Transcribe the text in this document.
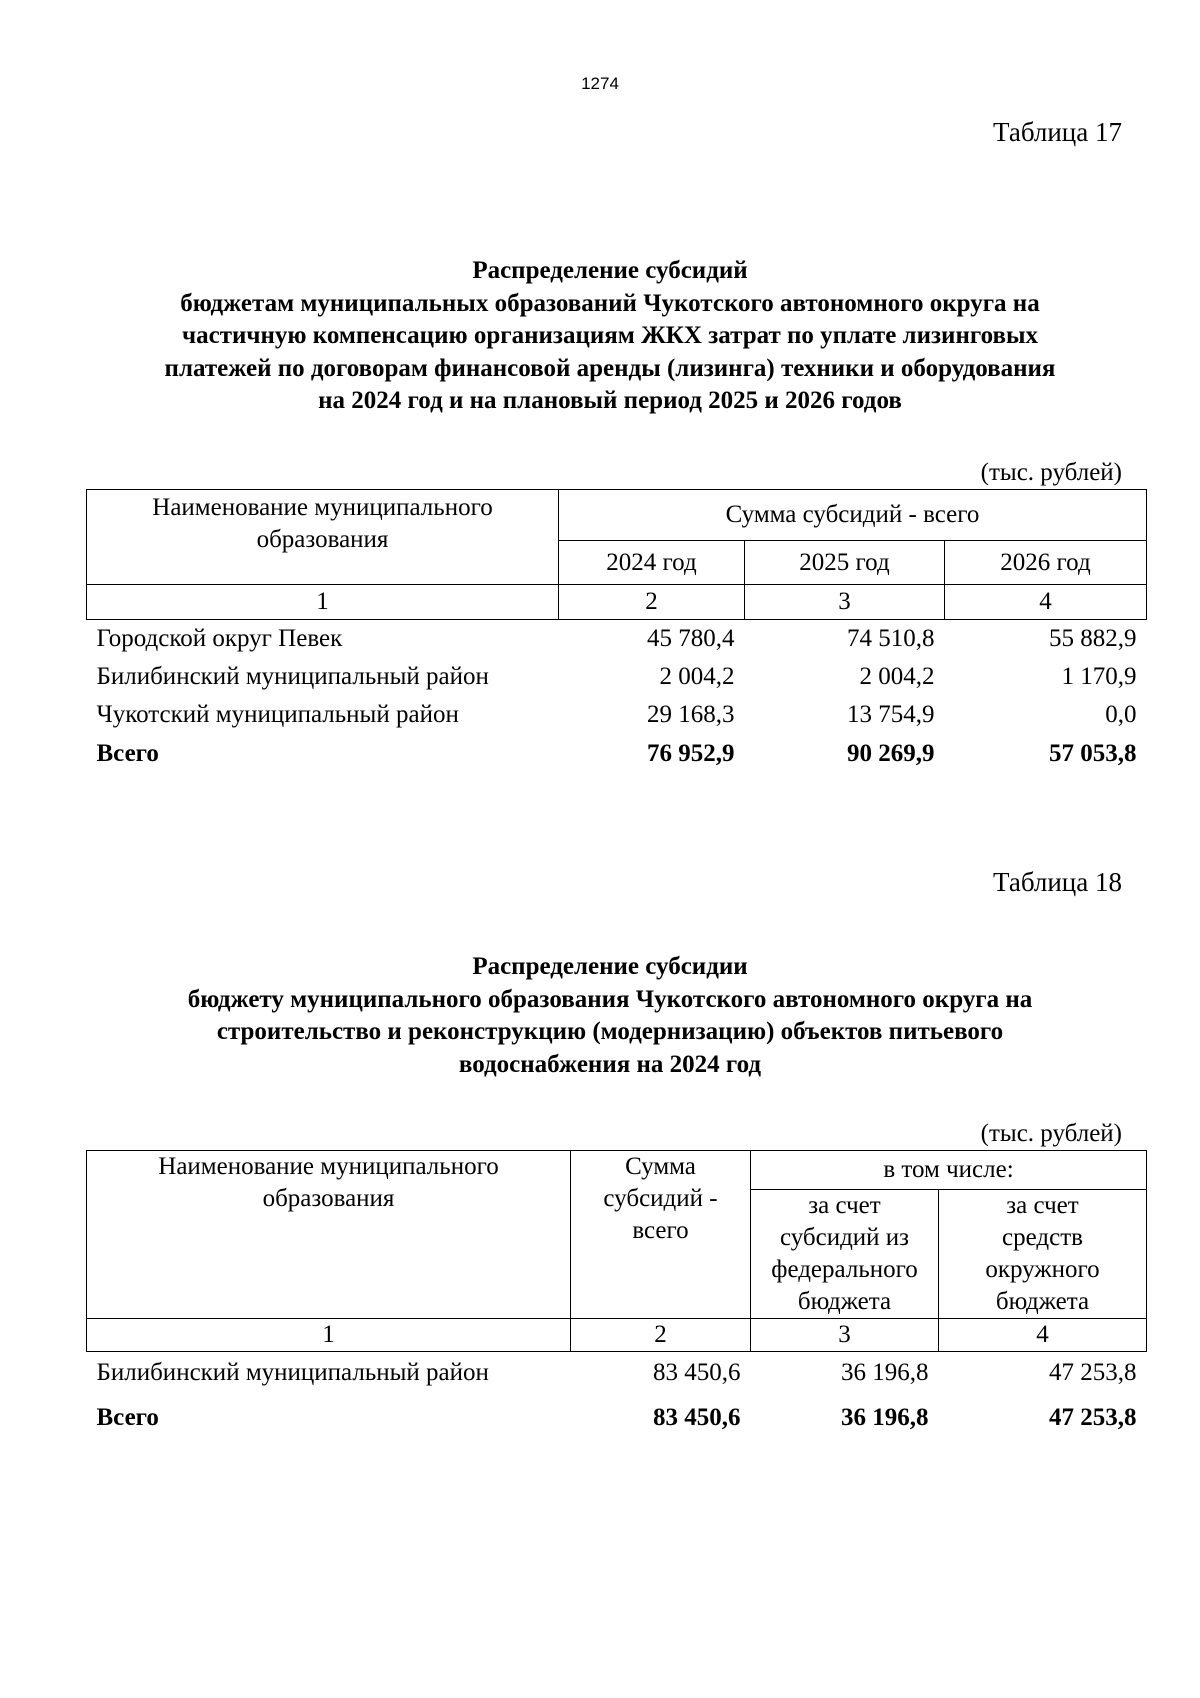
1274
Таблица 17
Распределение субсидий
бюджетам муниципальных образований Чукотского автономного округа на
частичную компенсацию организациям ЖКХ затрат по уплате лизинговых
платежей по договорам финансовой аренды (лизинга) техники и оборудования
на 2024 год и на плановый период 2025 и 2026 годов
(тыс. рублей)
Наименование муниципального образования	Сумма субсидий - всего		
	2024 год	2025 год	2026 год
1	2	3	4
Городской округ Певек	45 780,4	74 510,8	55 882,9
Билибинский муниципальный район	2 004,2	2 004,2	1 170,9
Чукотский муниципальный район	29 168,3	13 754,9	0,0
Всего	76 952,9	90 269,9	57 053,8
Таблица 18
Распределение субсидии
бюджету муниципального образования Чукотского автономного округа на
строительство и реконструкцию (модернизацию) объектов питьевого
водоснабжения на 2024 год
(тыс. рублей)
Наименование муниципального образования	Сумма субсидий - всего	в том числе:	
		за счет субсидий из федерального бюджета	за счет средств окружного бюджета
1	2	3	4
Билибинский муниципальный район	83 450,6	36 196,8	47 253,8
Всего	83 450,6	36 196,8	47 253,8
